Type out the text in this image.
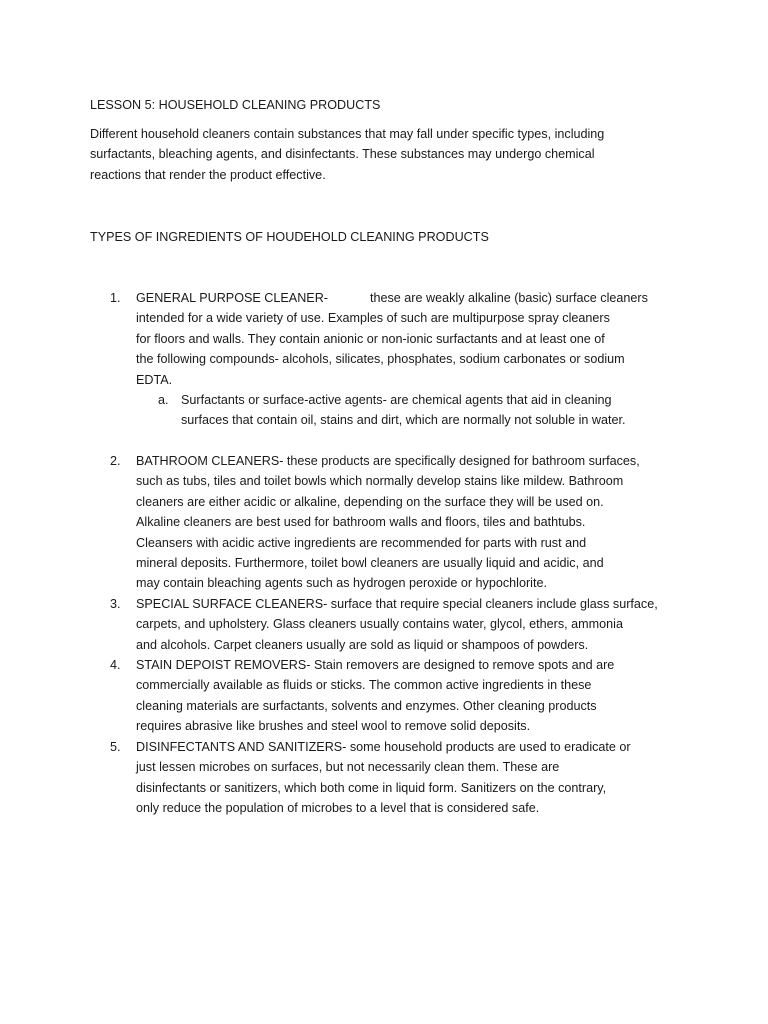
LESSON 5: HOUSEHOLD CLEANING PRODUCTS
Different household cleaners contain substances that may fall under specific types, including
surfactants, bleaching agents, and disinfectants. These substances may undergo chemical
reactions that render the product effective.
TYPES OF INGREDIENTS OF HOUDEHOLD CLEANING PRODUCTS
1. GENERAL PURPOSE CLEANER-	these are weakly alkaline (basic) surface cleaners
intended for a wide variety of use. Examples of such are multipurpose spray cleaners
for floors and walls. They contain anionic or non-ionic surfactants and at least one of
the following compounds- alcohols, silicates, phosphates, sodium carbonates or sodium
EDTA.
a. Surfactants or surface-active agents- are chemical agents that aid in cleaning
surfaces that contain oil, stains and dirt, which are normally not soluble in water.
2. BATHROOM CLEANERS- these products are specifically designed for bathroom surfaces,
such as tubs, tiles and toilet bowls which normally develop stains like mildew. Bathroom
cleaners are either acidic or alkaline, depending on the surface they will be used on.
Alkaline cleaners are best used for bathroom walls and floors, tiles and bathtubs.
Cleansers with acidic active ingredients are recommended for parts with rust and
mineral deposits. Furthermore, toilet bowl cleaners are usually liquid and acidic, and
may contain bleaching agents such as hydrogen peroxide or hypochlorite.
3. SPECIAL SURFACE CLEANERS- surface that require special cleaners include glass surface,
carpets, and upholstery. Glass cleaners usually contains water, glycol, ethers, ammonia
and alcohols. Carpet cleaners usually are sold as liquid or shampoos of powders.
4. STAIN DEPOIST REMOVERS- Stain removers are designed to remove spots and are
commercially available as fluids or sticks. The common active ingredients in these
cleaning materials are surfactants, solvents and enzymes. Other cleaning products
requires abrasive like brushes and steel wool to remove solid deposits.
5. DISINFECTANTS AND SANITIZERS- some household products are used to eradicate or
just lessen microbes on surfaces, but not necessarily clean them. These are
disinfectants or sanitizers, which both come in liquid form. Sanitizers on the contrary,
only reduce the population of microbes to a level that is considered safe.
